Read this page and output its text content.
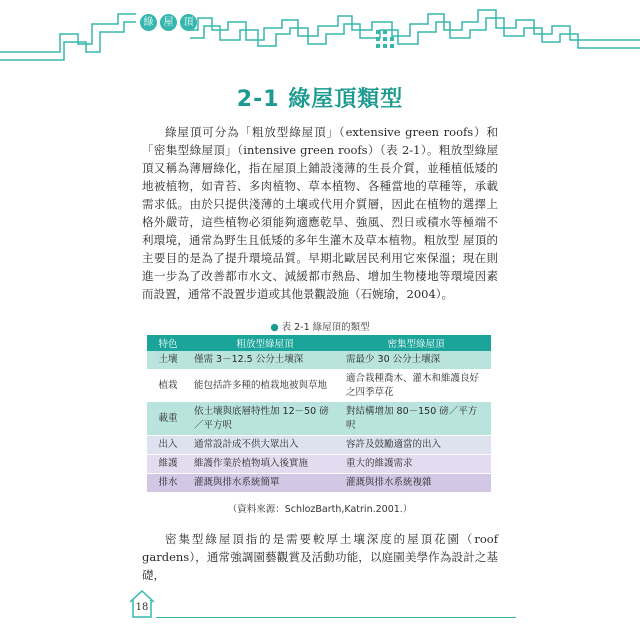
綠	屋	頂
2-1 綠屋頂類型

綠屋頂可分為「粗放型綠屋頂」（extensive green roofs）和「密集型綠屋頂」（intensive green roofs）（表 2-1）。粗放型綠屋頂又稱為薄層綠化，指在屋頂上鋪設淺薄的生長介質，並種植低矮的地被植物，如青苔、多肉植物、草本植物、各種當地的草種等，承載需求低。由於只提供淺薄的土壤或代用介質層，因此在植物的選擇上格外嚴苛，這些植物必須能夠適應乾旱、強風、烈日或積水等極端不利環境，通常為野生且低矮的多年生灌木及草本植物。粗放型 屋頂的主要目的是為了提升環境品質。早期北歐居民利用它來保溫；現在則進一步為了改善都市水文、減緩都市熱島、增加生物棲地等環境因素而設置，通常不設置步道或其他景觀設施（石婉瑜，2004）。

● 表 2-1 綠屋頂的類型
特色	粗放型綠屋頂	密集型綠屋頂
土壤	僅需 3－12.5 公分土壤深	需最少 30 公分土壤深
植栽	能包括許多種的植栽地被與草地	適合栽種喬木、灌木和維護良好之四季草花
載重	依土壤與底層特性加 12－50 磅／平方呎	對結構增加 80－150 磅／平方呎
出入	通常設計成不供大眾出入	容許及鼓勵適當的出入
維護	維護作業於植物填入後實施	重大的維護需求
排水	灌溉與排水系統簡單	灌溉與排水系統複雜
（資料來源：SchlozBarth,Katrin.2001.）

密集型綠屋頂指的是需要較厚土壤深度的屋頂花園（roof gardens），通常強調園藝觀賞及活動功能，以庭園美學作為設計之基礎，

18
